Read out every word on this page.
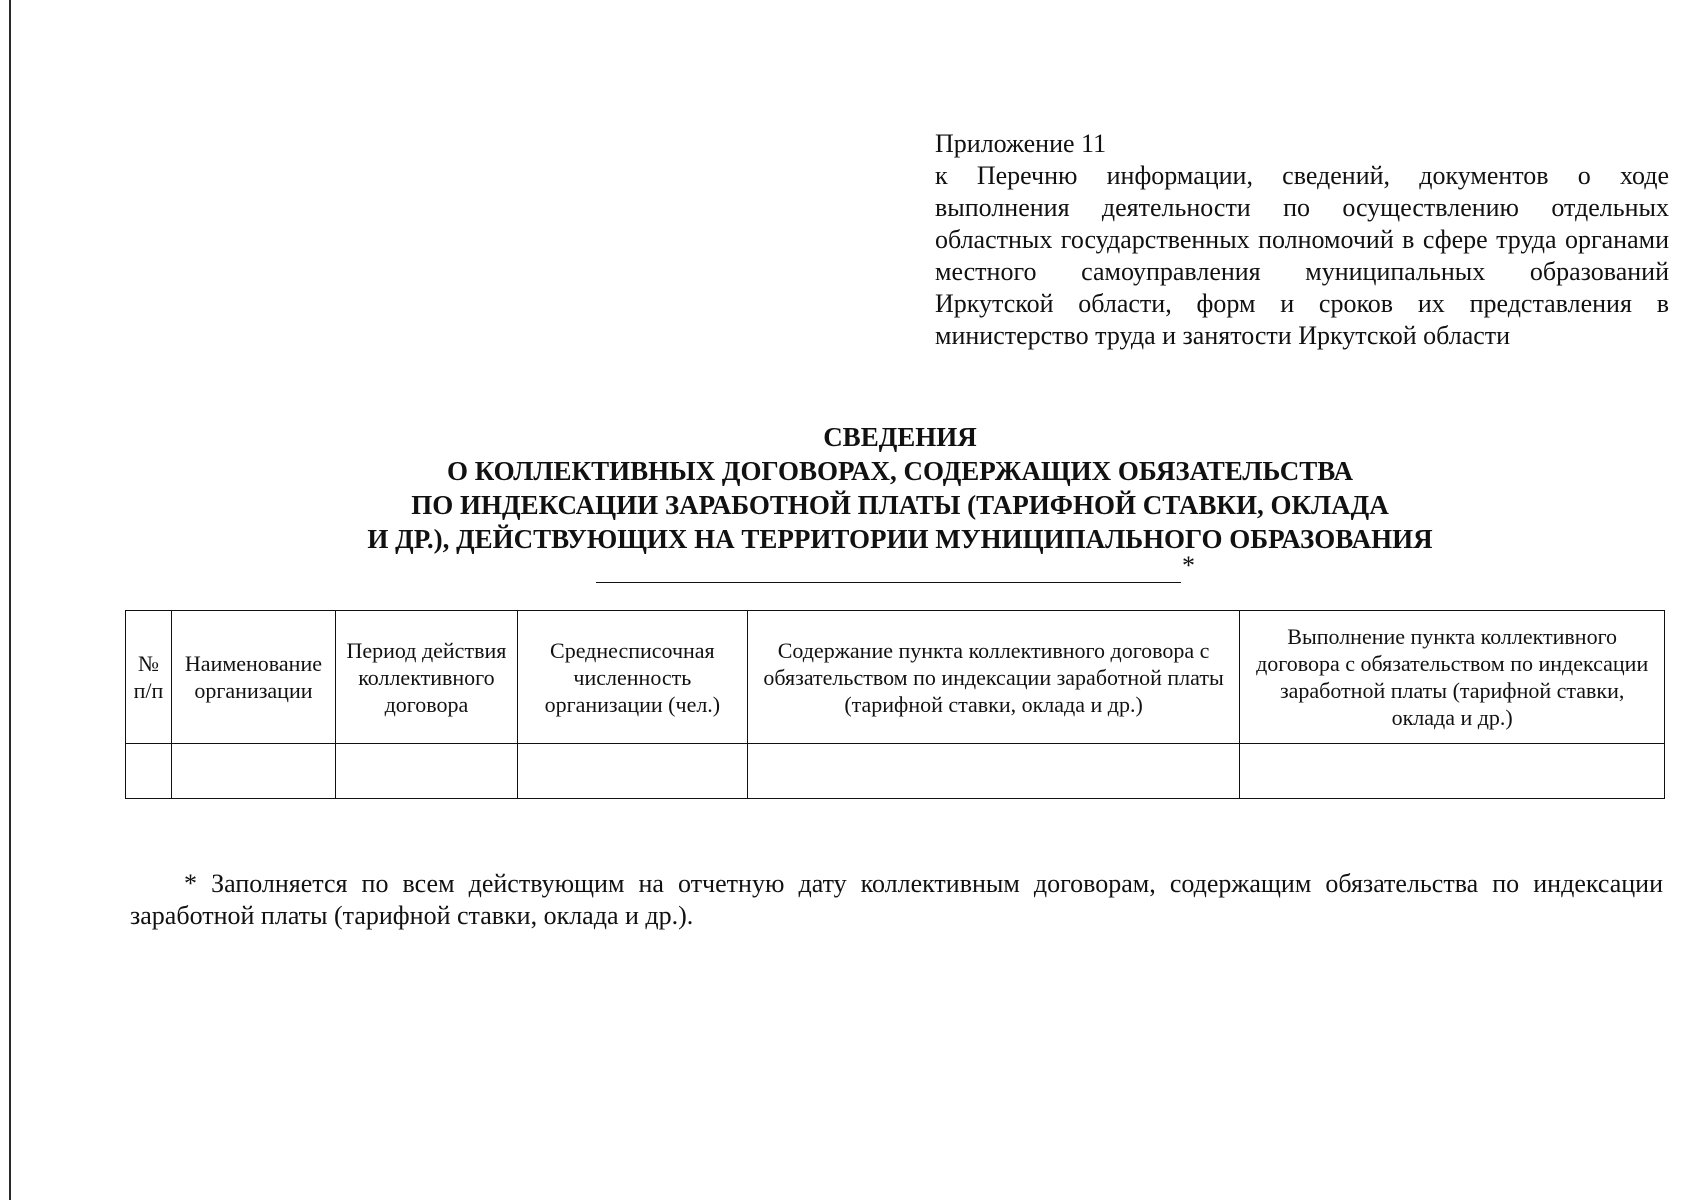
Приложение 11
к Перечню информации, сведений, документов о ходе выполнения деятельности по осуществлению отдельных областных государственных полномочий в сфере труда органами местного самоуправления муниципальных образований Иркутской области, форм и сроков их представления в министерство труда и занятости Иркутской области
СВЕДЕНИЯ
О КОЛЛЕКТИВНЫХ ДОГОВОРАХ, СОДЕРЖАЩИХ ОБЯЗАТЕЛЬСТВА
ПО ИНДЕКСАЦИИ ЗАРАБОТНОЙ ПЛАТЫ (ТАРИФНОЙ СТАВКИ, ОКЛАДА
И ДР.), ДЕЙСТВУЮЩИХ НА ТЕРРИТОРИИ МУНИЦИПАЛЬНОГО ОБРАЗОВАНИЯ
*
№ п/п	Наименование организации	Период действия коллективного договора	Среднесписочная численность организации (чел.)	Содержание пункта коллективного договора с обязательством по индексации заработной платы (тарифной ставки, оклада и др.)	Выполнение пункта коллективного договора с обязательством по индексации заработной платы (тарифной ставки, оклада и др.)

* Заполняется по всем действующим на отчетную дату коллективным договорам, содержащим обязательства по индексации заработной платы (тарифной ставки, оклада и др.).
